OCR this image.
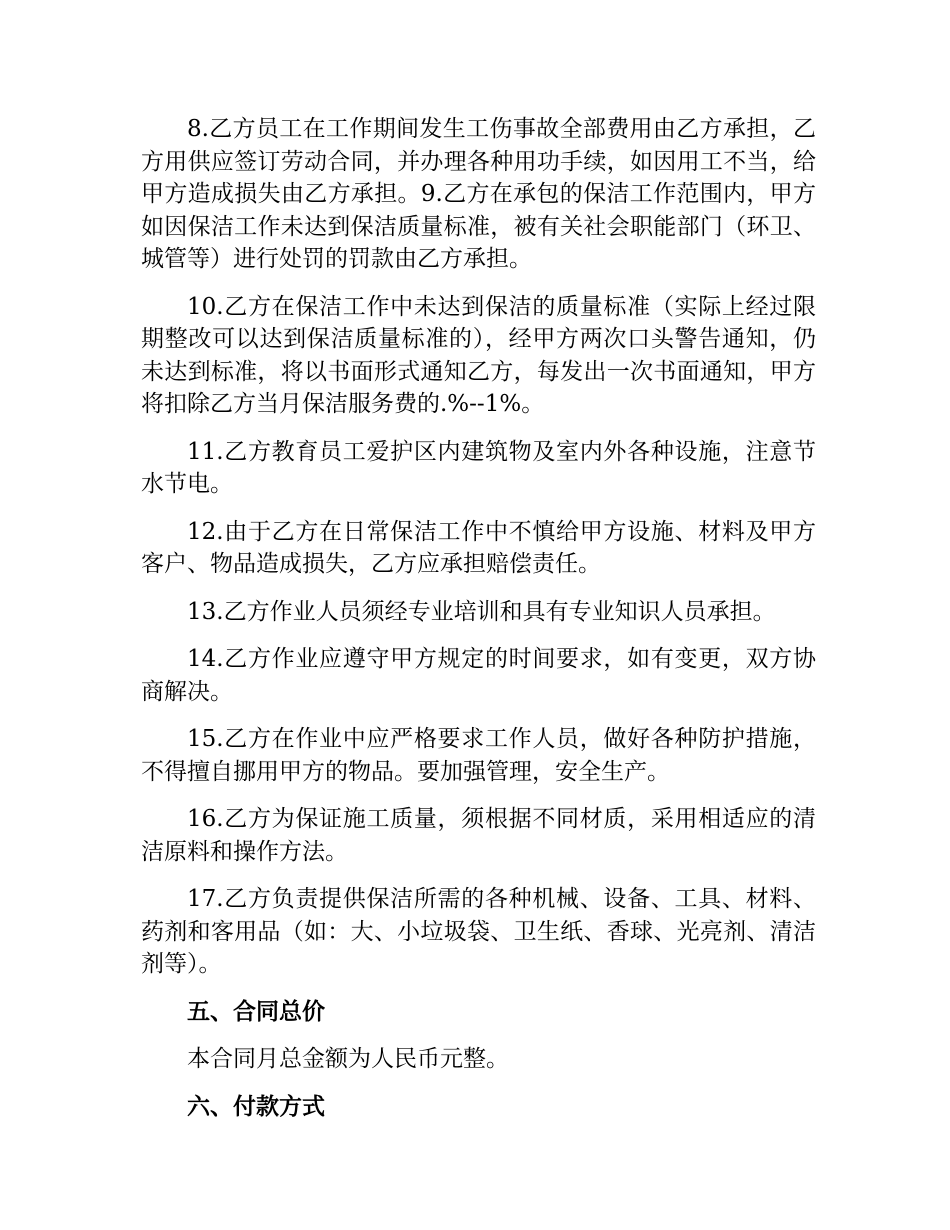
8.乙方员工在工作期间发生工伤事故全部费用由乙方承担，乙方用供应签订劳动合同，并办理各种用功手续，如因用工不当，给甲方造成损失由乙方承担。9.乙方在承包的保洁工作范围内，甲方如因保洁工作未达到保洁质量标准，被有关社会职能部门（环卫、城管等）进行处罚的罚款由乙方承担。

10.乙方在保洁工作中未达到保洁的质量标准（实际上经过限期整改可以达到保洁质量标准的），经甲方两次口头警告通知，仍未达到标准，将以书面形式通知乙方，每发出一次书面通知，甲方将扣除乙方当月保洁服务费的.%--1%。

11.乙方教育员工爱护区内建筑物及室内外各种设施，注意节水节电。

12.由于乙方在日常保洁工作中不慎给甲方设施、材料及甲方客户、物品造成损失，乙方应承担赔偿责任。

13.乙方作业人员须经专业培训和具有专业知识人员承担。

14.乙方作业应遵守甲方规定的时间要求，如有变更，双方协商解决。

15.乙方在作业中应严格要求工作人员，做好各种防护措施，不得擅自挪用甲方的物品。要加强管理，安全生产。

16.乙方为保证施工质量，须根据不同材质，采用相适应的清洁原料和操作方法。

17.乙方负责提供保洁所需的各种机械、设备、工具、材料、药剂和客用品（如：大、小垃圾袋、卫生纸、香球、光亮剂、清洁剂等）。

五、合同总价

本合同月总金额为人民币元整。

六、付款方式
